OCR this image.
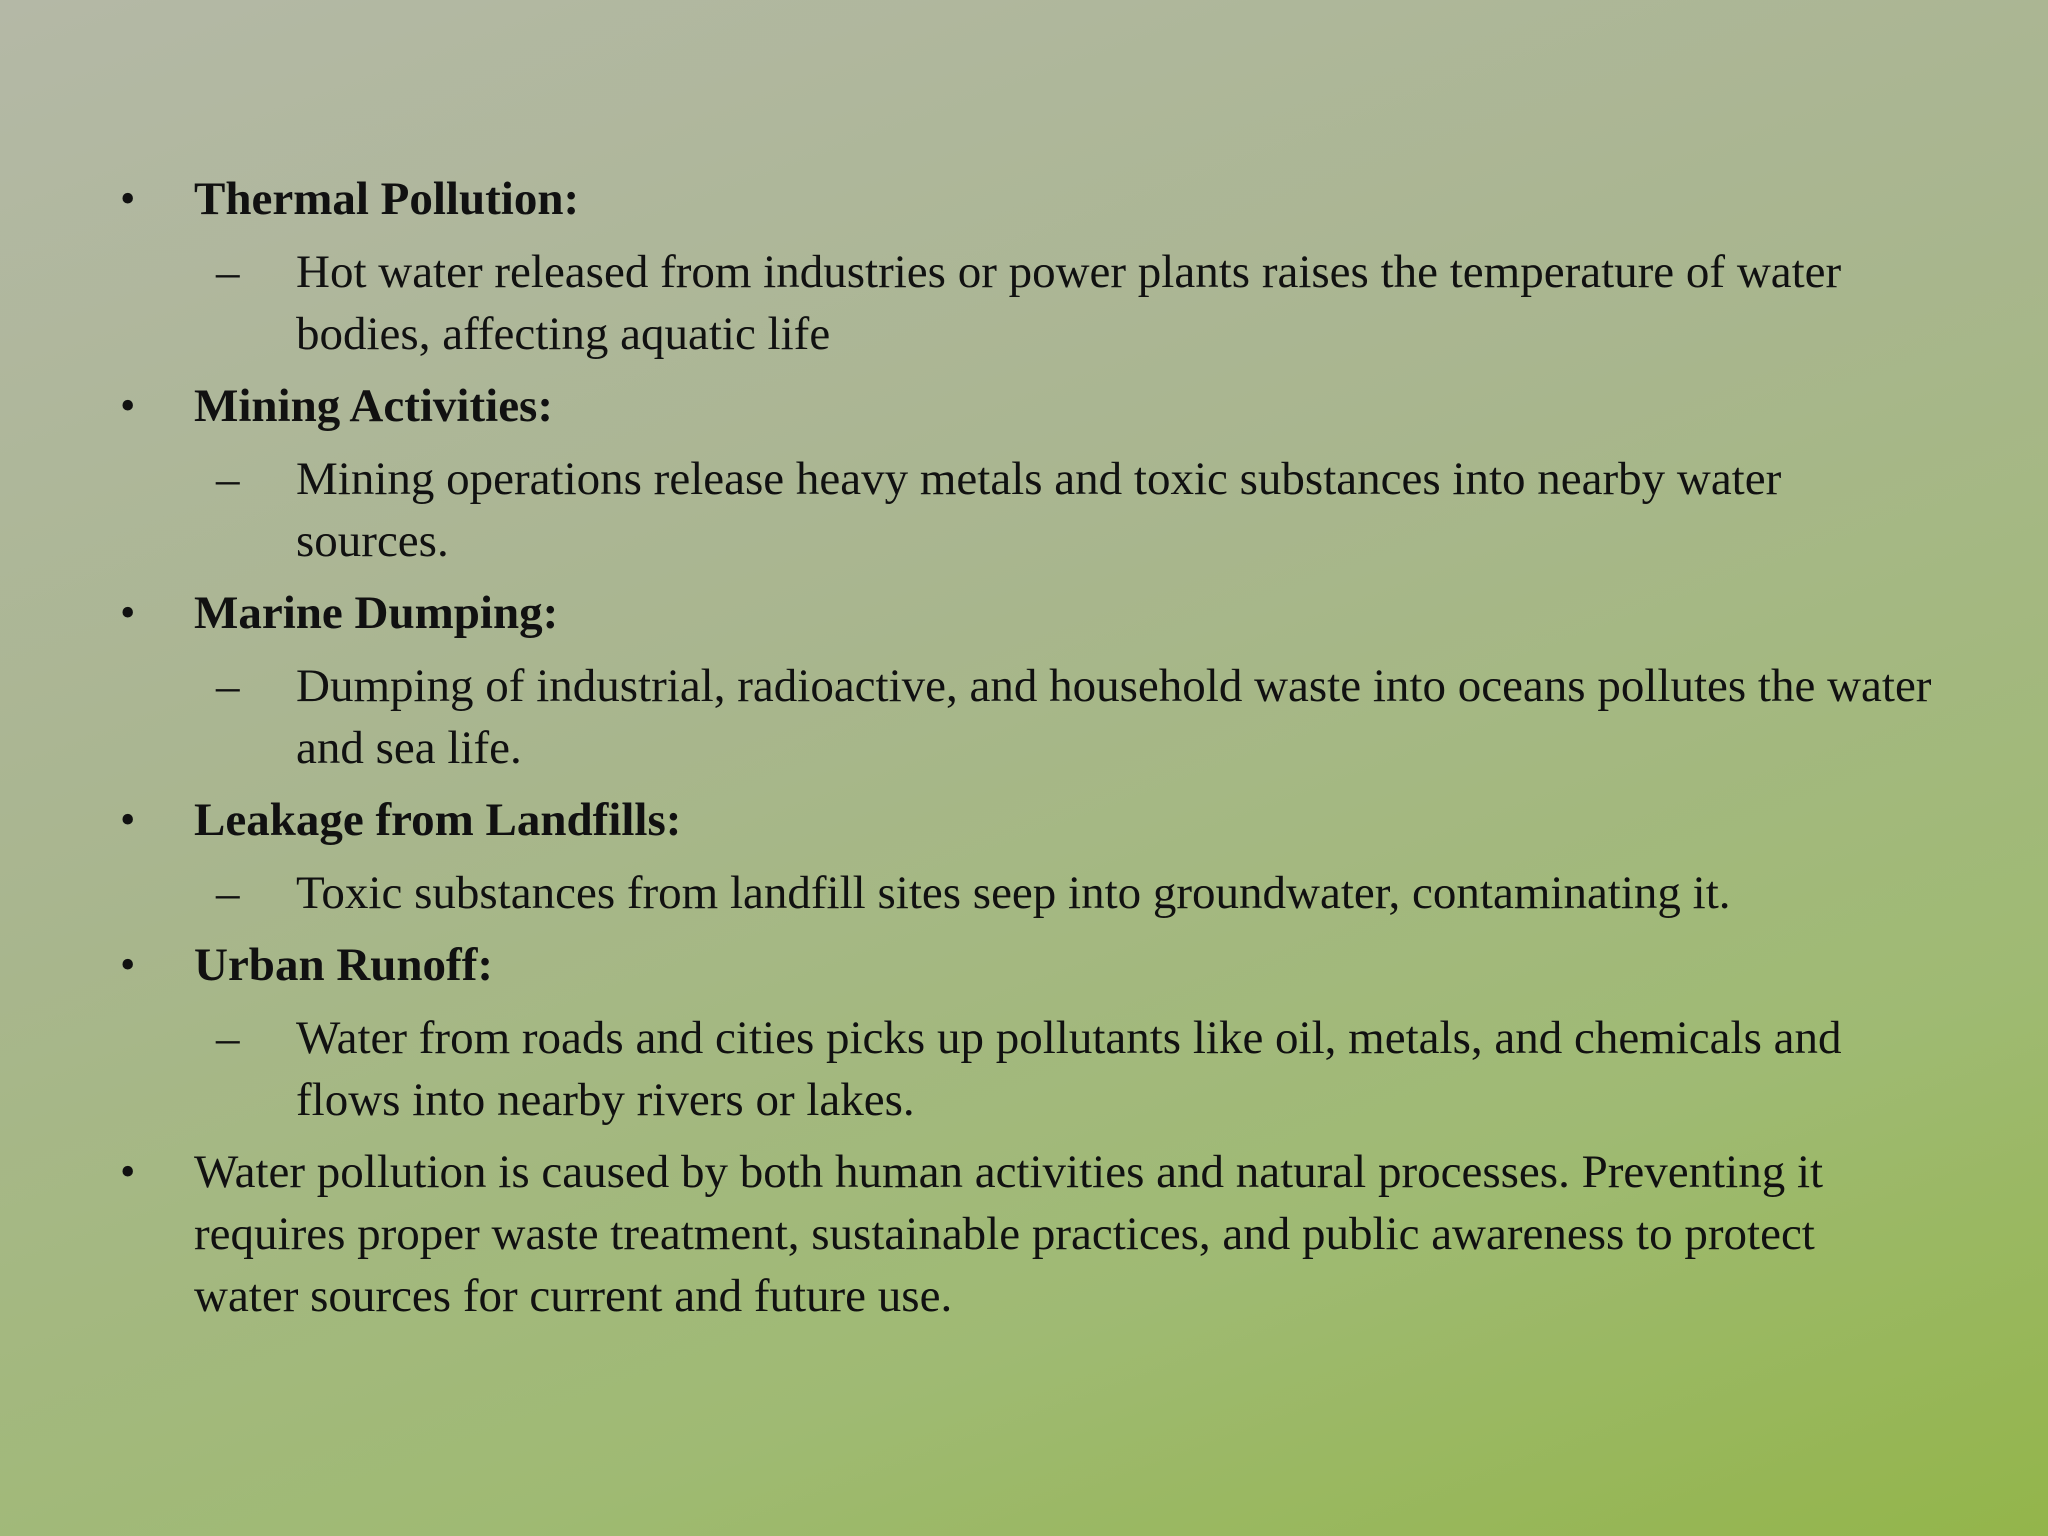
•	Thermal Pollution:
– Hot water released from industries or power plants raises the temperature of water bodies, affecting aquatic life
•	Mining Activities:
– Mining operations release heavy metals and toxic substances into nearby water sources.
•	Marine Dumping:
– Dumping of industrial, radioactive, and household waste into oceans pollutes the water and sea life.
•	Leakage from Landfills:
– Toxic substances from landfill sites seep into groundwater, contaminating it.
•	Urban Runoff:
– Water from roads and cities picks up pollutants like oil, metals, and chemicals and flows into nearby rivers or lakes.
•	Water pollution is caused by both human activities and natural processes. Preventing it requires proper waste treatment, sustainable practices, and public awareness to protect water sources for current and future use.
